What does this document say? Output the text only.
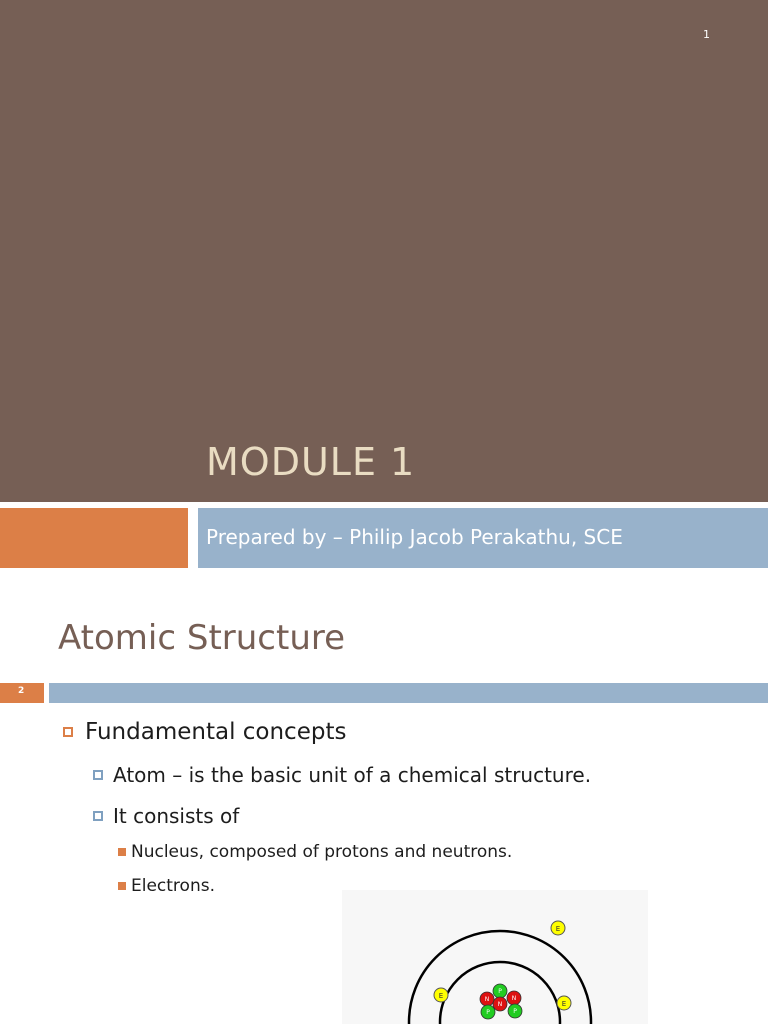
1
MODULE 1
Prepared by – Philip Jacob Perakathu, SCE
Atomic Structure
2
Fundamental concepts
Atom – is the basic unit of a chemical structure.
It consists of
Nucleus, composed of protons and neutrons.
Electrons.
E
E
E
P
N	N
N
P	P
